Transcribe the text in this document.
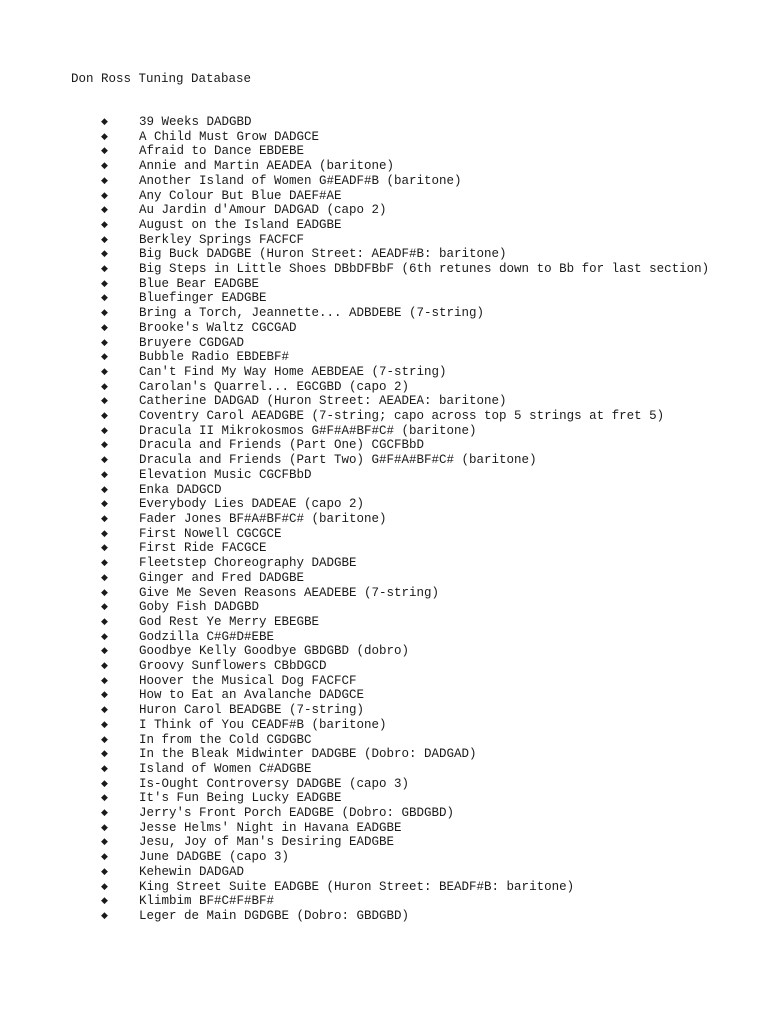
Don Ross Tuning Database
◆ 39 Weeks DADGBD
◆ A Child Must Grow DADGCE
◆ Afraid to Dance EBDEBE
◆ Annie and Martin AEADEA (baritone)
◆ Another Island of Women G#EADF#B (baritone)
◆ Any Colour But Blue DAEF#AE
◆ Au Jardin d'Amour DADGAD (capo 2)
◆ August on the Island EADGBE
◆ Berkley Springs FACFCF
◆ Big Buck DADGBE (Huron Street: AEADF#B: baritone)
◆ Big Steps in Little Shoes DBbDFBbF (6th retunes down to Bb for last section)
◆ Blue Bear EADGBE
◆ Bluefinger EADGBE
◆ Bring a Torch, Jeannette... ADBDEBE (7-string)
◆ Brooke's Waltz CGCGAD
◆ Bruyere CGDGAD
◆ Bubble Radio EBDEBF#
◆ Can't Find My Way Home AEBDEAE (7-string)
◆ Carolan's Quarrel... EGCGBD (capo 2)
◆ Catherine DADGAD (Huron Street: AEADEA: baritone)
◆ Coventry Carol AEADGBE (7-string; capo across top 5 strings at fret 5)
◆ Dracula II Mikrokosmos G#F#A#BF#C# (baritone)
◆ Dracula and Friends (Part One) CGCFBbD
◆ Dracula and Friends (Part Two) G#F#A#BF#C# (baritone)
◆ Elevation Music CGCFBbD
◆ Enka DADGCD
◆ Everybody Lies DADEAE (capo 2)
◆ Fader Jones BF#A#BF#C# (baritone)
◆ First Nowell CGCGCE
◆ First Ride FACGCE
◆ Fleetstep Choreography DADGBE
◆ Ginger and Fred DADGBE
◆ Give Me Seven Reasons AEADEBE (7-string)
◆ Goby Fish DADGBD
◆ God Rest Ye Merry EBEGBE
◆ Godzilla C#G#D#EBE
◆ Goodbye Kelly Goodbye GBDGBD (dobro)
◆ Groovy Sunflowers CBbDGCD
◆ Hoover the Musical Dog FACFCF
◆ How to Eat an Avalanche DADGCE
◆ Huron Carol BEADGBE (7-string)
◆ I Think of You CEADF#B (baritone)
◆ In from the Cold CGDGBC
◆ In the Bleak Midwinter DADGBE (Dobro: DADGAD)
◆ Island of Women C#ADGBE
◆ Is-Ought Controversy DADGBE (capo 3)
◆ It's Fun Being Lucky EADGBE
◆ Jerry's Front Porch EADGBE (Dobro: GBDGBD)
◆ Jesse Helms' Night in Havana EADGBE
◆ Jesu, Joy of Man's Desiring EADGBE
◆ June DADGBE (capo 3)
◆ Kehewin DADGAD
◆ King Street Suite EADGBE (Huron Street: BEADF#B: baritone)
◆ Klimbim BF#C#F#BF#
◆ Leger de Main DGDGBE (Dobro: GBDGBD)
